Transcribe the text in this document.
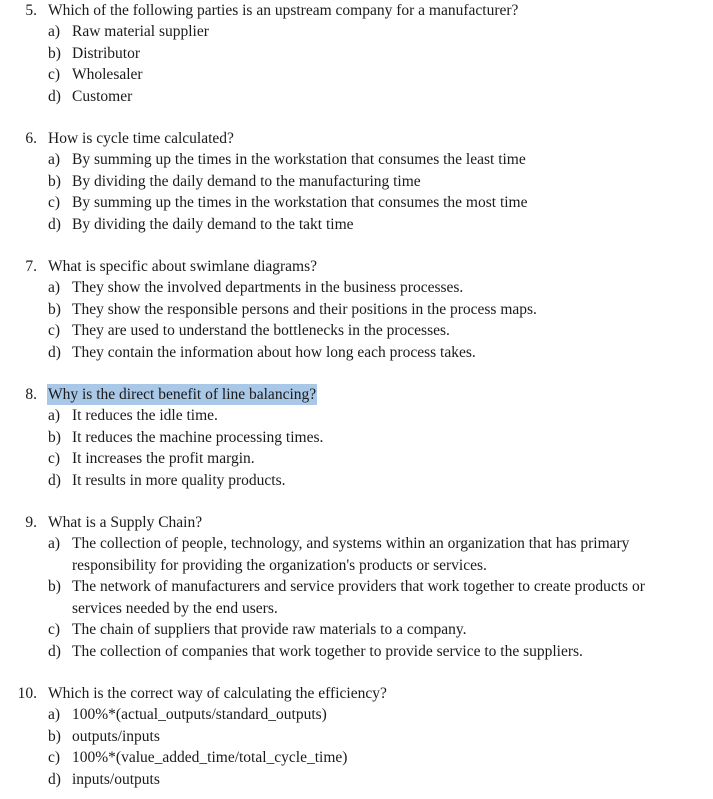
5. Which of the following parties is an upstream company for a manufacturer?
a) Raw material supplier
b) Distributor
c) Wholesaler
d) Customer
6. How is cycle time calculated?
a) By summing up the times in the workstation that consumes the least time
b) By dividing the daily demand to the manufacturing time
c) By summing up the times in the workstation that consumes the most time
d) By dividing the daily demand to the takt time
7. What is specific about swimlane diagrams?
a) They show the involved departments in the business processes.
b) They show the responsible persons and their positions in the process maps.
c) They are used to understand the bottlenecks in the processes.
d) They contain the information about how long each process takes.
8. Why is the direct benefit of line balancing?
a) It reduces the idle time.
b) It reduces the machine processing times.
c) It increases the profit margin.
d) It results in more quality products.
9. What is a Supply Chain?
a) The collection of people, technology, and systems within an organization that has primary responsibility for providing the organization's products or services.
b) The network of manufacturers and service providers that work together to create products or services needed by the end users.
c) The chain of suppliers that provide raw materials to a company.
d) The collection of companies that work together to provide service to the suppliers.
10. Which is the correct way of calculating the efficiency?
a) 100%*(actual_outputs/standard_outputs)
b) outputs/inputs
c) 100%*(value_added_time/total_cycle_time)
d) inputs/outputs
